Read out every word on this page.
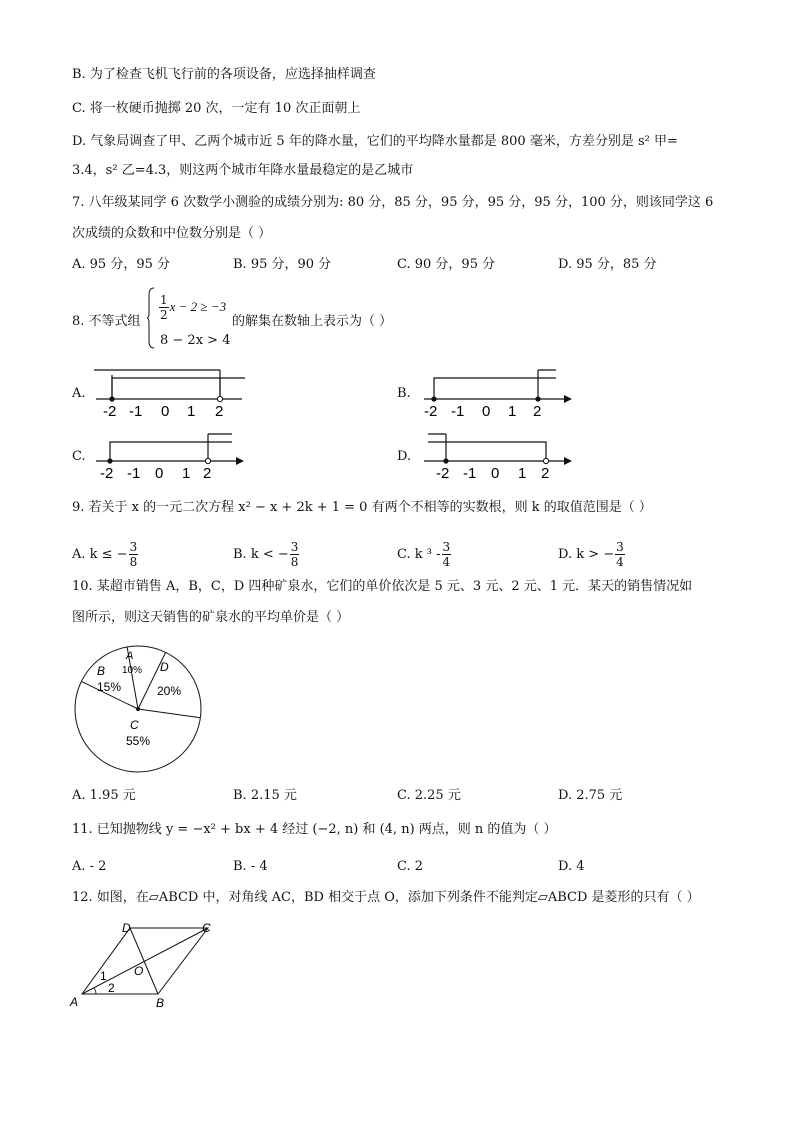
B. 为了检查飞机飞行前的各项设备，应选择抽样调查
C. 将一枚硬币抛掷 20 次，一定有 10 次正面朝上
D. 气象局调查了甲、乙两个城市近 5 年的降水量，它们的平均降水量都是 800 毫米，方差分别是 s² 甲=
3.4，s² 乙=4.3，则这两个城市年降水量最稳定的是乙城市
7. 八年级某同学 6 次数学小测验的成绩分别为: 80 分，85 分，95 分，95 分，95 分，100 分，则该同学这 6
次成绩的众数和中位数分别是（ ）
A. 95 分，95 分	B. 95 分，90 分	C. 90 分，95 分	D. 95 分，85 分
8. 不等式组 $\frac{1}{2}$ x − 2 ≥ −3
8 − 2x > 4
的解集在数轴上表示为（ ）
A.
-2 -1 0 1 2
B.
-2 -1 0 1 2
C.
-2 -1 0 1 2
D.
-2 -1 0 1 2
9. 若关于 x 的一元二次方程 x² − x + 2k + 1 = 0 有两个不相等的实数根，则 k 的取值范围是（ ）
A. k ≤ − $\frac{3}{8}$	B. k < − $\frac{3}{8}$	C. k $^3 - \frac{3}{4}$	D. k > − $\frac{3}{4}$
10. 某超市销售 A，B，C，D 四种矿泉水，它们的单价依次是 5 元、3 元、2 元、1 元．某天的销售情况如
图所示，则这天销售的矿泉水的平均单价是（ ）
B
15%
A
10% D
20%
C
55%
A. 1.95 元	B. 2.15 元	C. 2.25 元	D. 2.75 元
11. 已知抛物线 y = −x² + bx + 4 经过 (−2, n) 和 (4, n) 两点，则 n 的值为（ ）
A. - 2	B. - 4	C. 2	D. 4
12. 如图，在▱ABCD 中，对角线 AC，BD 相交于点 O，添加下列条件不能判定▱ABCD 是菱形的只有（ ）
A	B
C
D
O
1
2
